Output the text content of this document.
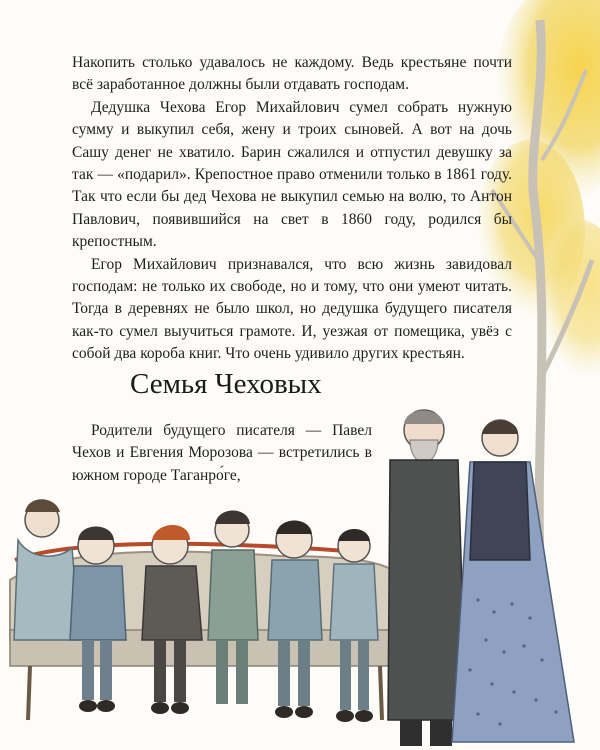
Накопить столько удавалось не каждому. Ведь крестьяне почти всё заработанное должны были отдавать господам.

Дедушка Чехова Егор Михайлович сумел собрать нужную сумму и выкупил себя, жену и троих сыновей. А вот на дочь Сашу денег не хватило. Барин сжалился и отпустил девушку за так — «подарил». Крепостное право отменили только в 1861 году. Так что если бы дед Чехова не выкупил семью на волю, то Антон Павлович, появившийся на свет в 1860 году, родился бы крепостным.

Егор Михайлович признавался, что всю жизнь завидовал господам: не только их свободе, но и тому, что они умеют читать. Тогда в деревнях не было школ, но дедушка будущего писателя как-то сумел выучиться грамоте. И, уезжая от помещика, увёз с собой два короба книг. Что очень удивило других крестьян.

Семья Чеховых

Родители будущего писателя — Павел Чехов и Евгения Морозова — встретились в южном городе Таганро́ге,
